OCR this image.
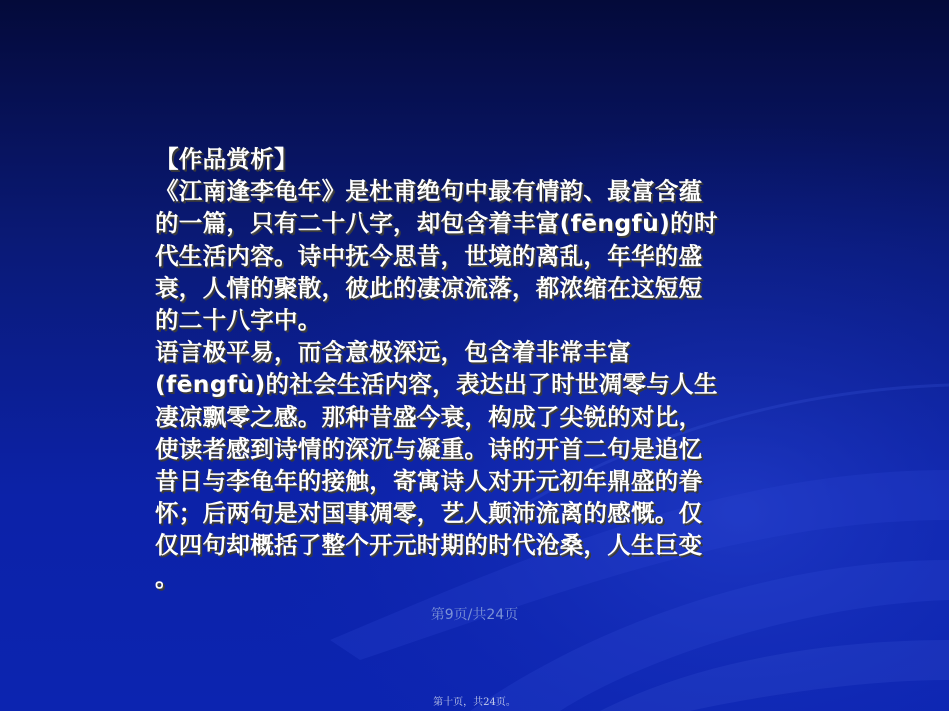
【作品赏析】
《江南逢李龟年》是杜甫绝句中最有情韵、最富含蕴
的一篇，只有二十八字，却包含着丰富(fēngfù)的时
代生活内容。诗中抚今思昔，世境的离乱，年华的盛
衰，人情的聚散，彼此的凄凉流落，都浓缩在这短短
的二十八字中。
语言极平易，而含意极深远，包含着非常丰富
(fēngfù)的社会生活内容，表达出了时世凋零与人生
凄凉飘零之感。那种昔盛今衰，构成了尖锐的对比，
使读者感到诗情的深沉与凝重。诗的开首二句是追忆
昔日与李龟年的接触，寄寓诗人对开元初年鼎盛的眷
怀；后两句是对国事凋零，艺人颠沛流离的感慨。仅
仅四句却概括了整个开元时期的时代沧桑，人生巨变
。
第9页/共24页
第十页，共24页。
